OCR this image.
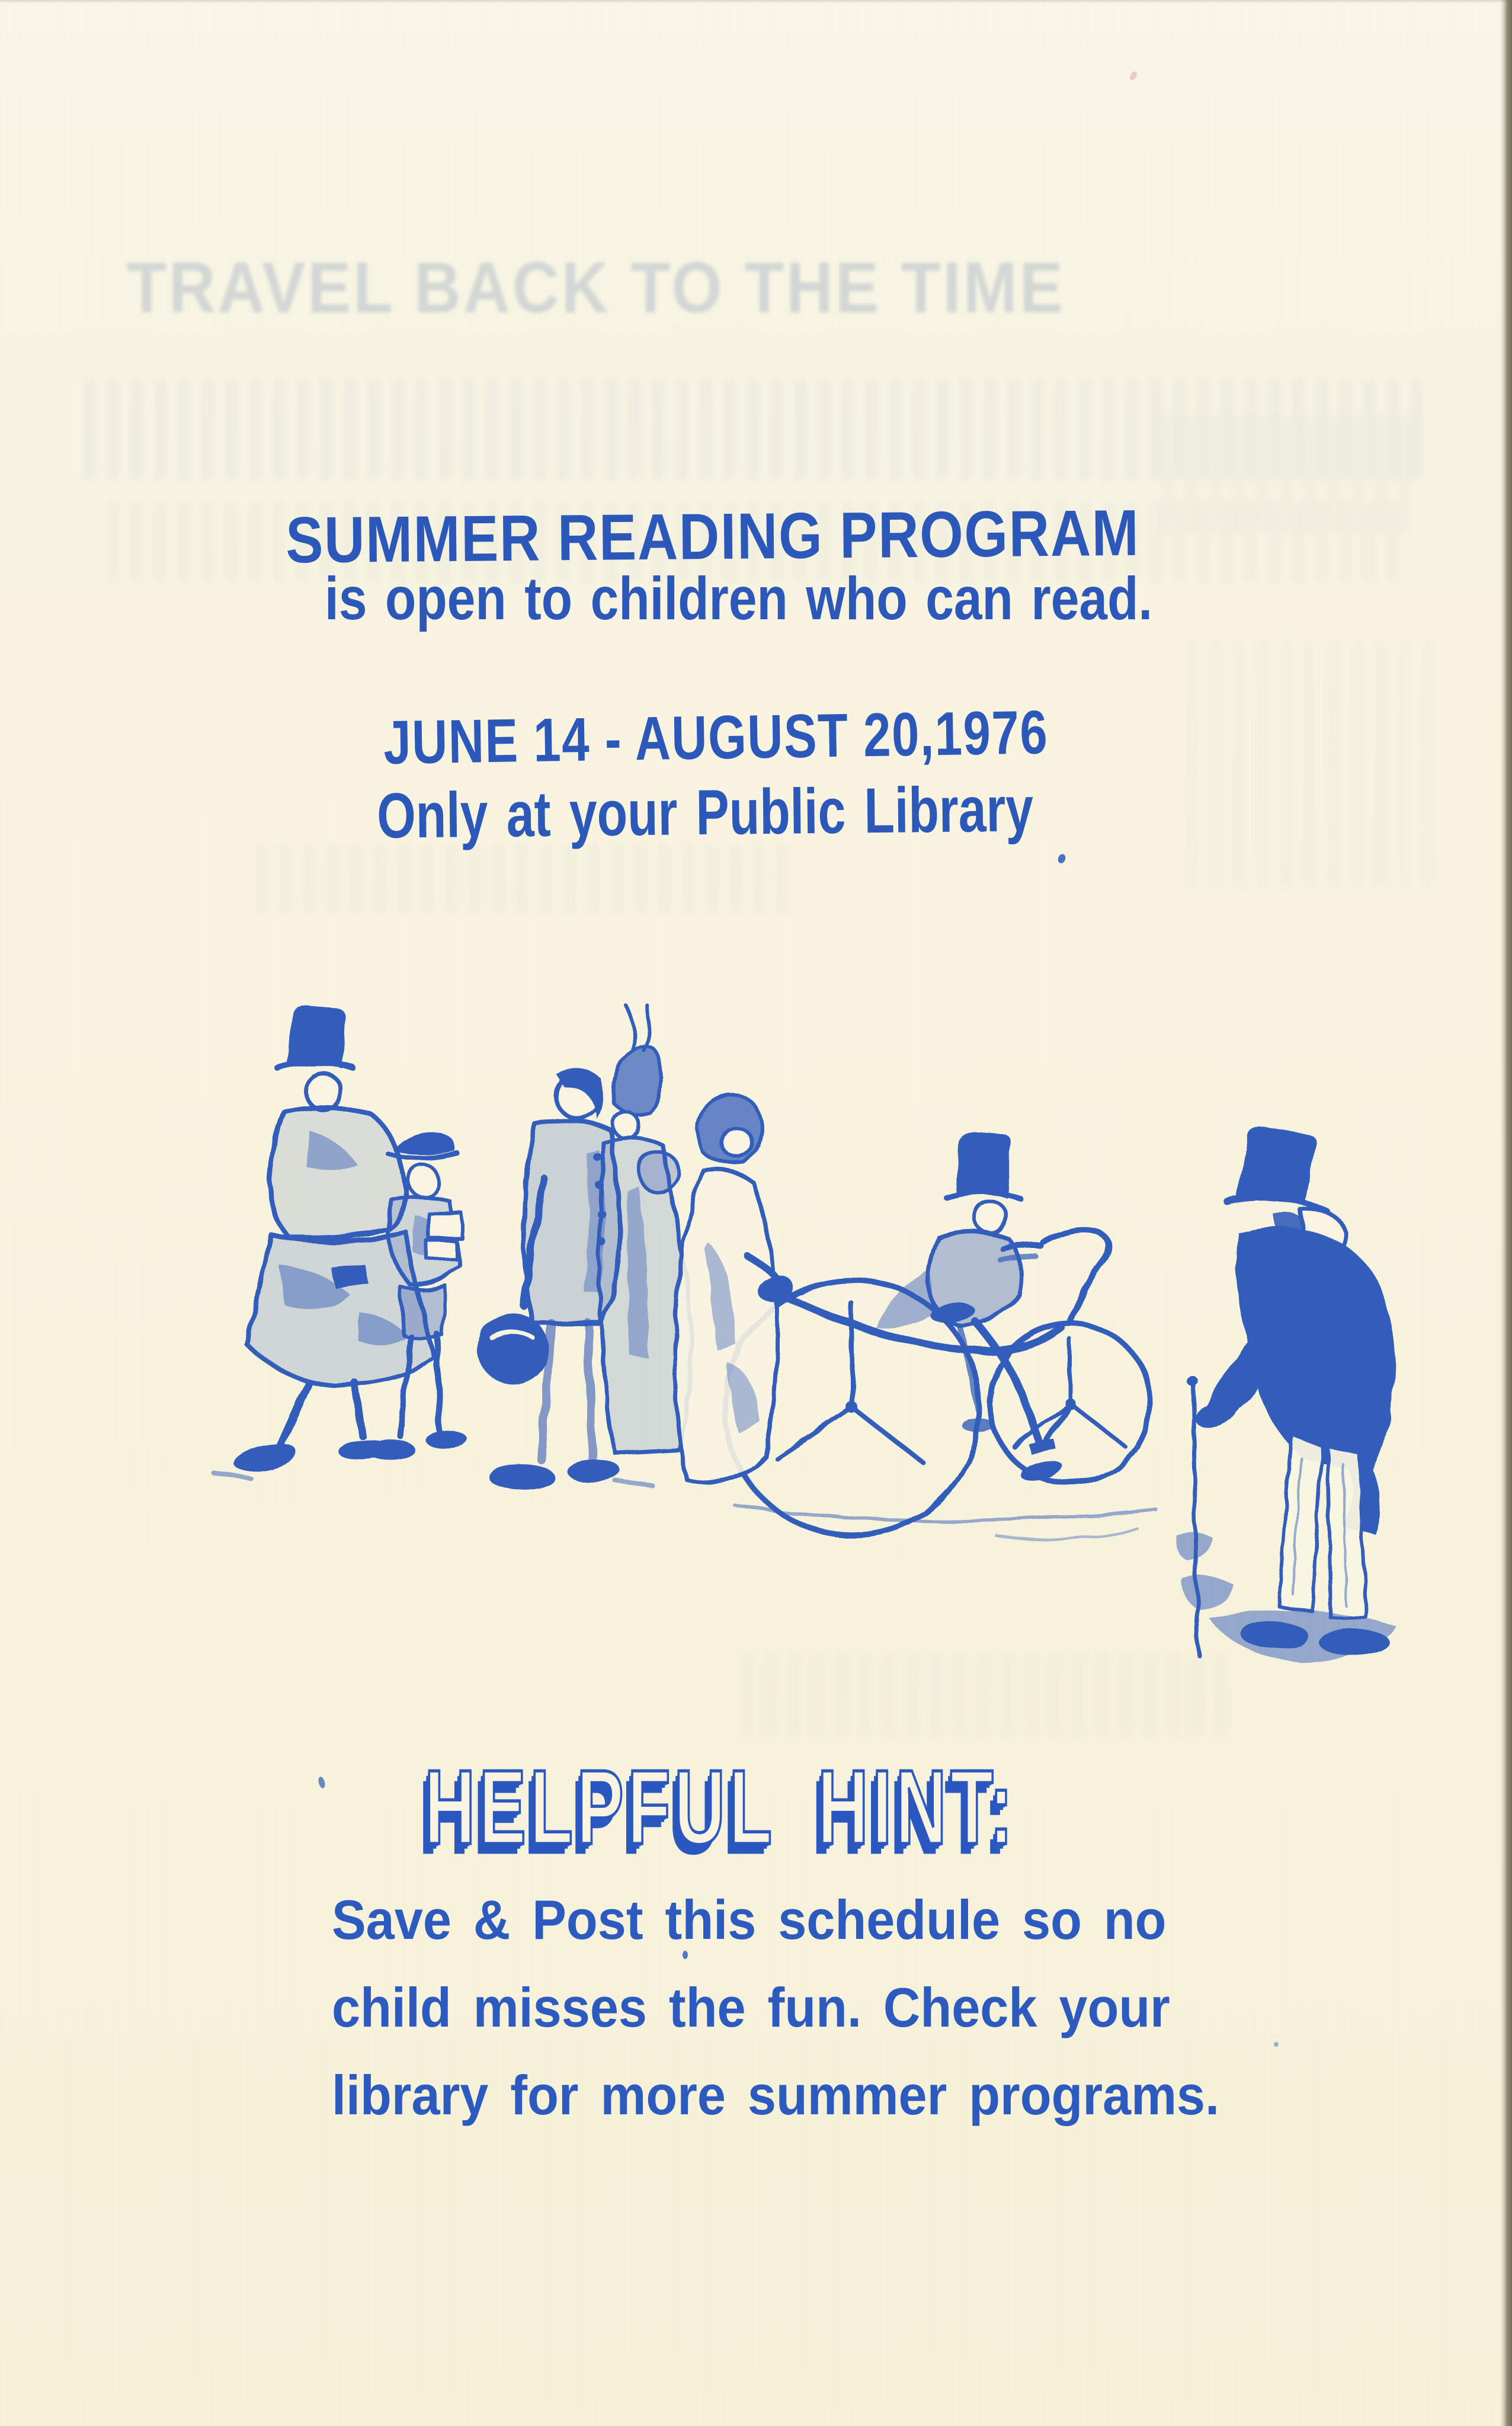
TRAVEL BACK TO THE TIME
SUMMER READING PROGRAM
is open to children who can read.
JUNE 14 - AUGUST 20,1976
Only at your Public Library
HELPFUL HINT:
Save & Post this schedule so no
child misses the fun. Check your
library for more summer programs.
